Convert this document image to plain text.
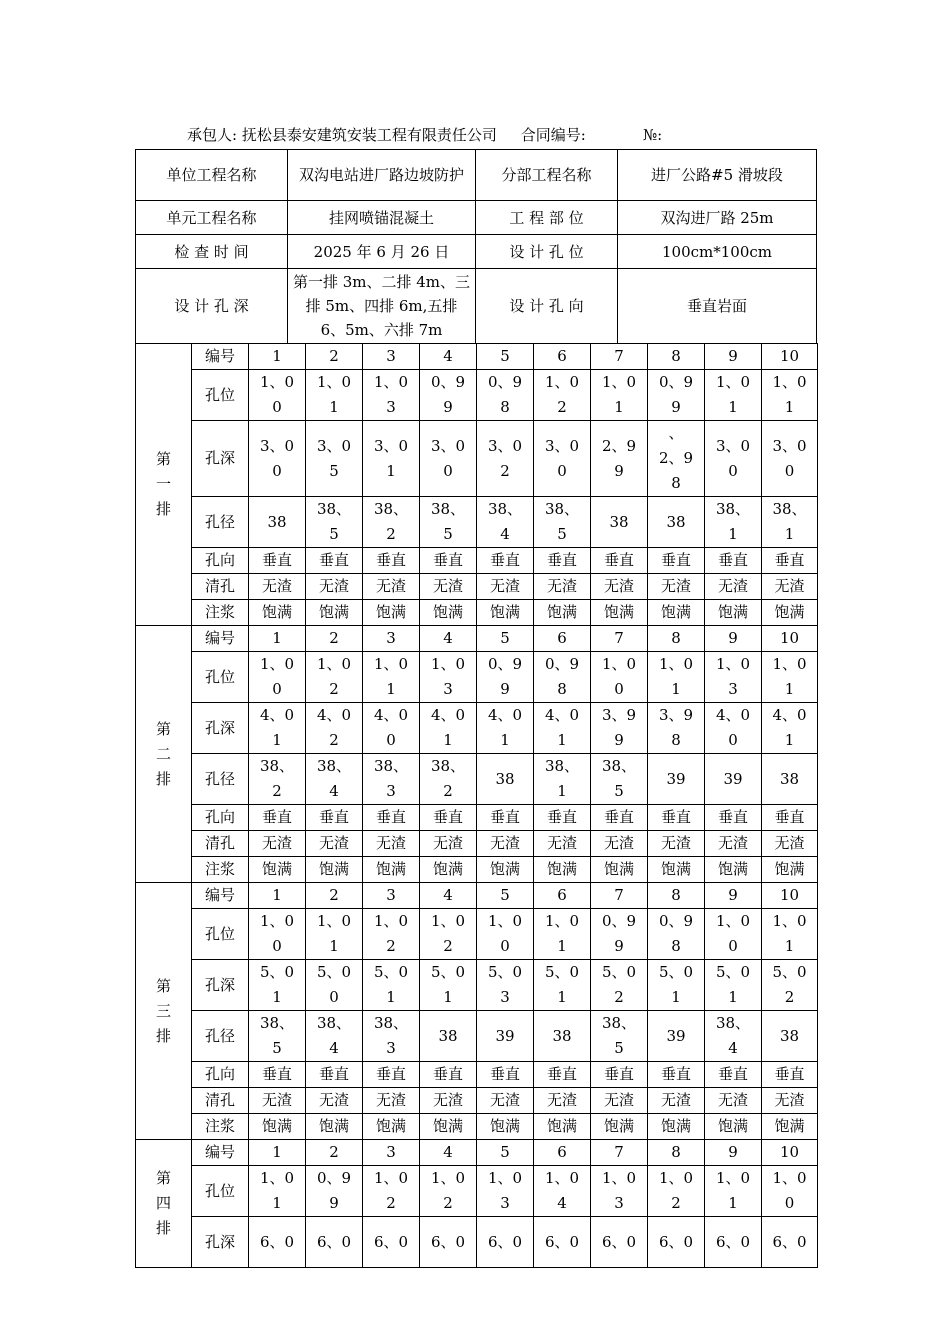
承包人: 抚松县泰安建筑安装工程有限责任公司 合同编号:	№:
单位工程名称	双沟电站进厂路边坡防护	分部工程名称	进厂公路#5 滑坡段
单元工程名称	挂网喷锚混凝土	工 程 部 位	双沟进厂路 25m
检 查 时 间	2025 年 6 月 26 日	设 计 孔 位	100cm*100cm
设 计 孔 深	第一排 3m、二排 4m、三排 5m、四排 6m,五排 6、5m、六排 7m	设 计 孔 向	垂直岩面
第一排	编号	1	2	3	4	5	6	7	8	9	10
	孔位	1、00	1、01	1、03	0、99	0、98	1、02	1、01	0、99	1、01	1、01

	孔深	3、00	3、05	3、01	3、00	3、02	3、00	2、99	、2、98	3、00	3、00

	孔径	38	38、5	38、2	38、5	38、4	38、5	38	38	38、1	38、1

	孔向	垂直	垂直	垂直	垂直	垂直	垂直	垂直	垂直	垂直	垂直
	清孔	无渣	无渣	无渣	无渣	无渣	无渣	无渣	无渣	无渣	无渣
	注浆	饱满	饱满	饱满	饱满	饱满	饱满	饱满	饱满	饱满	饱满

第二排	编号	1	2	3	4	5	6	7	8	9	10
	孔位	1、00	1、02	1、01	1、03	0、99	0、98	1、00	1、01	1、03	1、01

	孔深	4、01	4、02	4、00	4、01	4、01	4、01	3、99	3、98	4、00	4、01

	孔径	38、2	38、4	38、3	38、2	38	38、1	38、5	39	39	38

	孔向	垂直	垂直	垂直	垂直	垂直	垂直	垂直	垂直	垂直	垂直
	清孔	无渣	无渣	无渣	无渣	无渣	无渣	无渣	无渣	无渣	无渣
	注浆	饱满	饱满	饱满	饱满	饱满	饱满	饱满	饱满	饱满	饱满

第三排	编号	1	2	3	4	5	6	7	8	9	10
	孔位	1、00	1、01	1、02	1、02	1、00	1、01	0、99	0、98	1、00	1、01

	孔深	5、01	5、00	5、01	5、01	5、03	5、01	5、02	5、01	5、01	5、02

	孔径	38、5	38、4	38、3	38	39	38	38、5	39	38、4	38

	孔向	垂直	垂直	垂直	垂直	垂直	垂直	垂直	垂直	垂直	垂直
	清孔	无渣	无渣	无渣	无渣	无渣	无渣	无渣	无渣	无渣	无渣
	注浆	饱满	饱满	饱满	饱满	饱满	饱满	饱满	饱满	饱满	饱满

第四排	编号	1	2	3	4	5	6	7	8	9	10
	孔位	1、01	0、99	1、02	1、02	1、03	1、04	1、03	1、02	1、01	1、00

	孔深	6、0	6、0	6、0	6、0	6、0	6、0	6、0	6、0	6、0	6、0
